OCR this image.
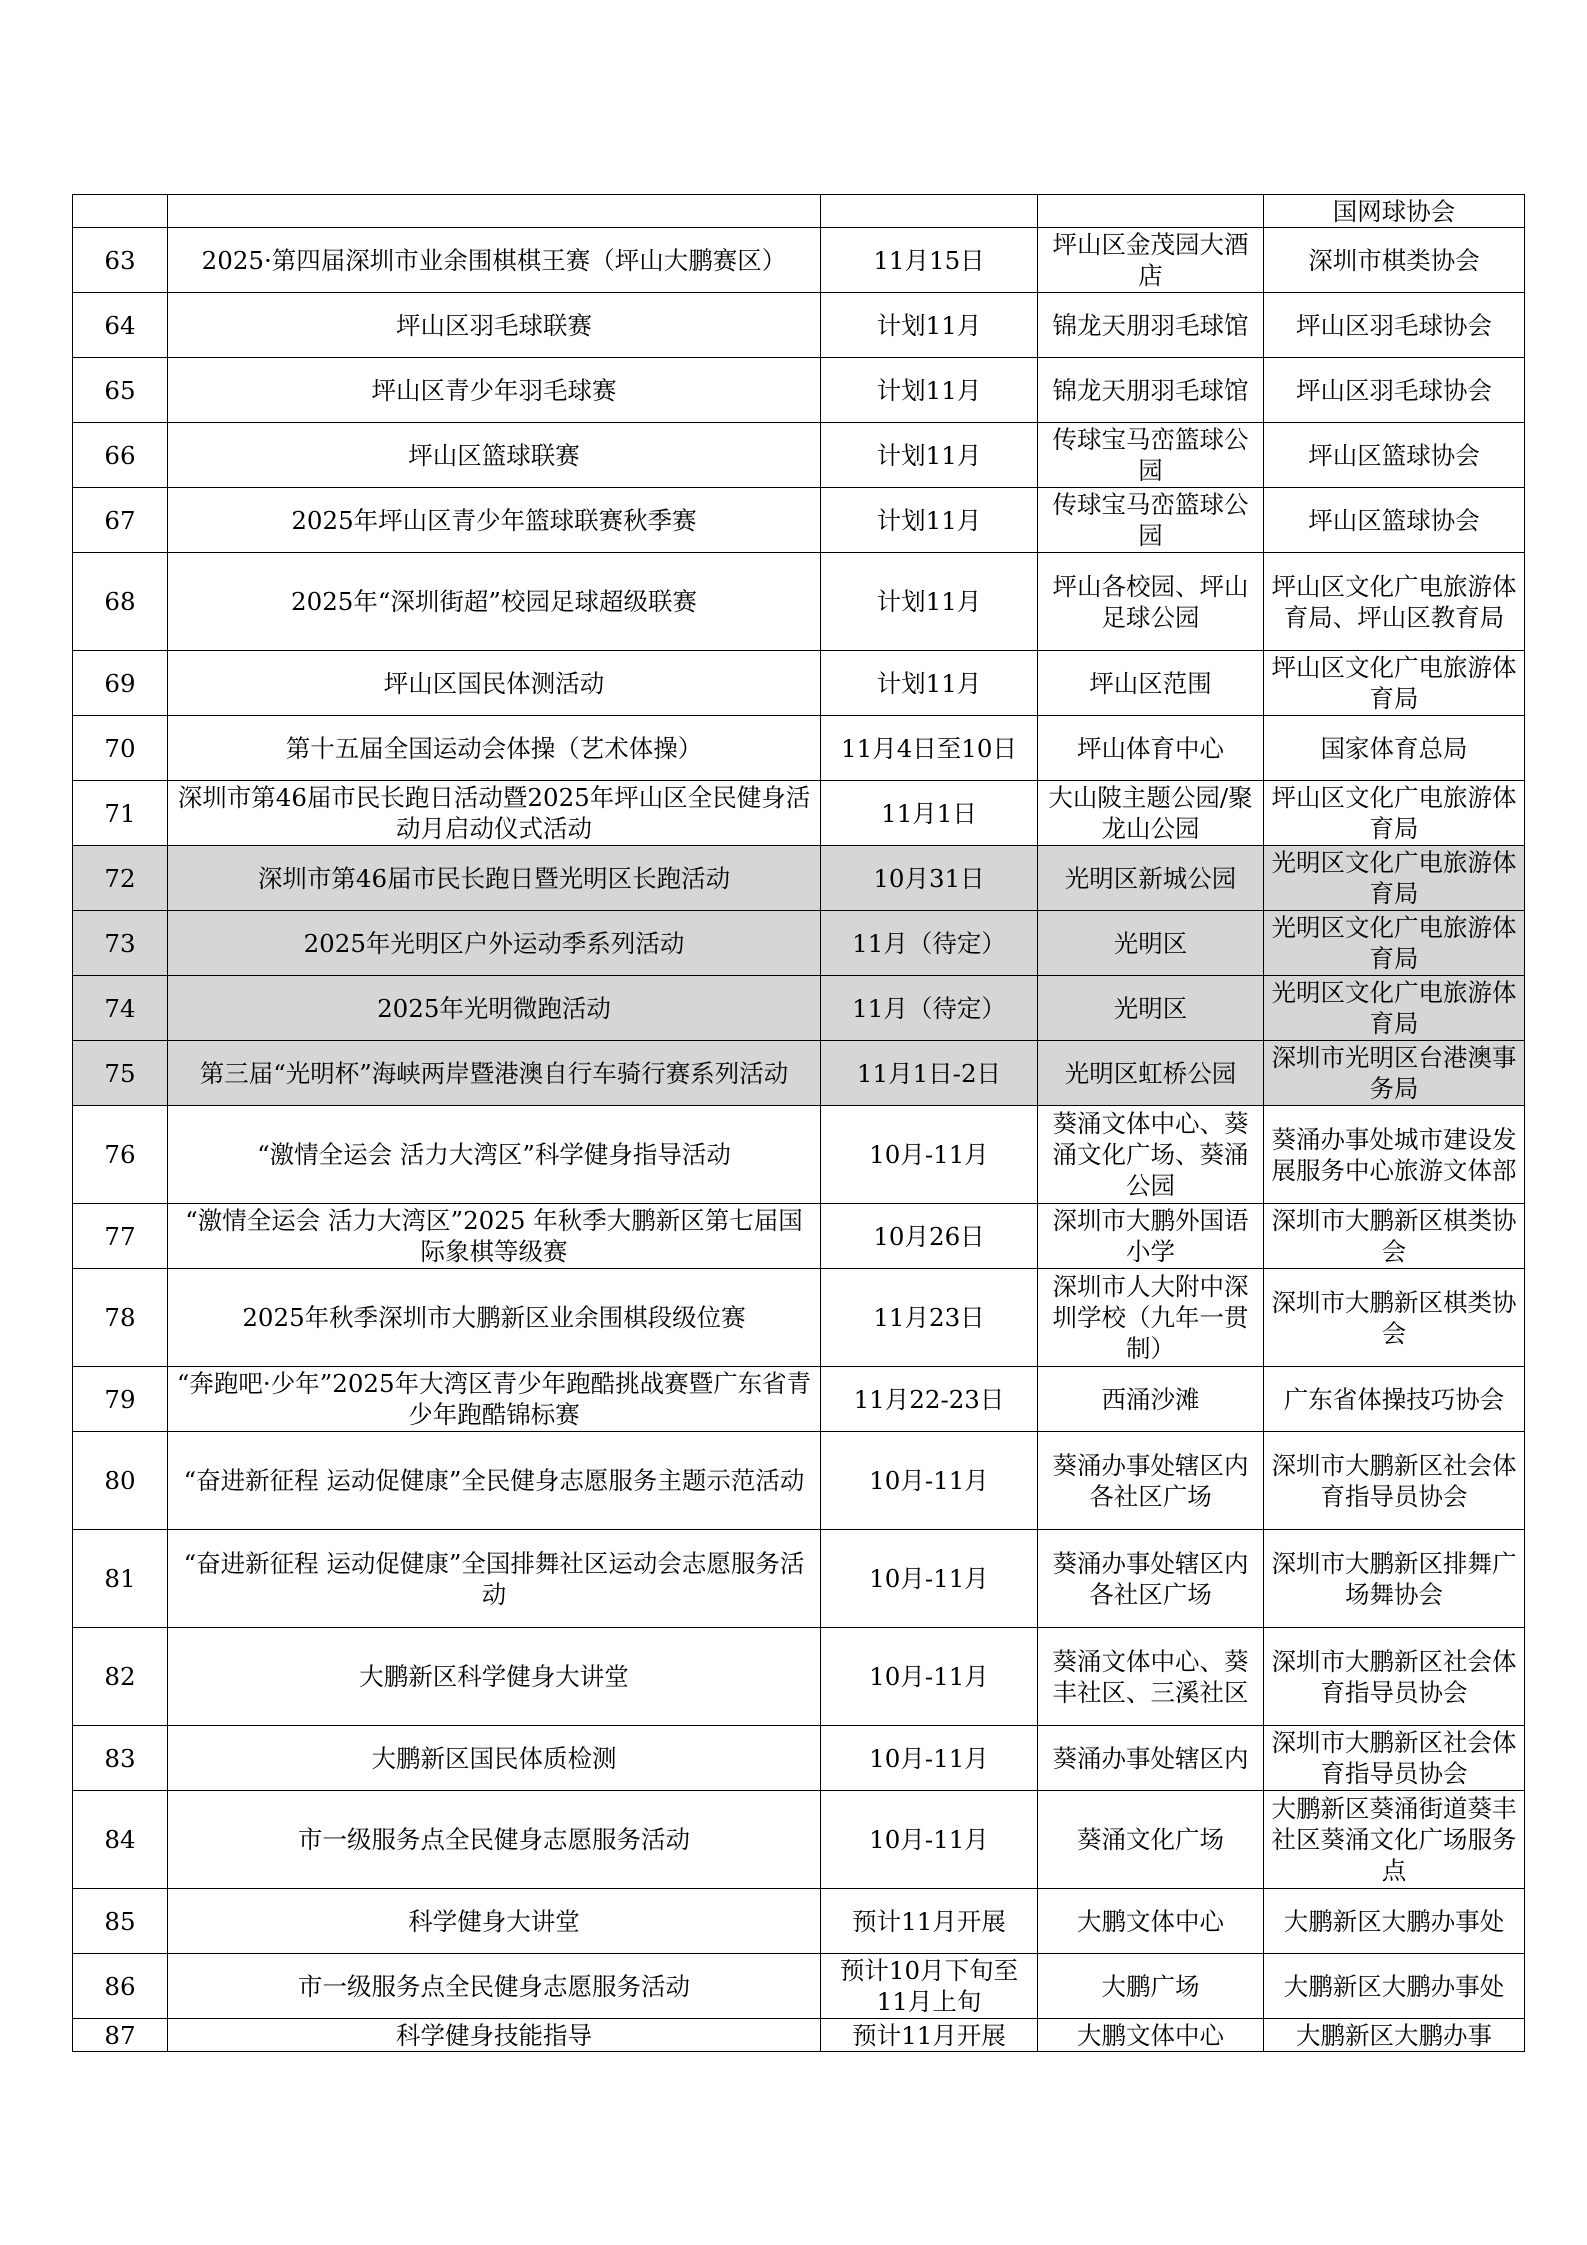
				国网球协会
63	2025·第四届深圳市业余围棋棋王赛（坪山大鹏赛区）	11月15日	坪山区金茂园大酒店	深圳市棋类协会
64	坪山区羽毛球联赛	计划11月	锦龙天朋羽毛球馆	坪山区羽毛球协会
65	坪山区青少年羽毛球赛	计划11月	锦龙天朋羽毛球馆	坪山区羽毛球协会
66	坪山区篮球联赛	计划11月	传球宝马峦篮球公园	坪山区篮球协会
67	2025年坪山区青少年篮球联赛秋季赛	计划11月	传球宝马峦篮球公园	坪山区篮球协会
68	2025年“深圳街超”校园足球超级联赛	计划11月	坪山各校园、坪山足球公园	坪山区文化广电旅游体育局、坪山区教育局
69	坪山区国民体测活动	计划11月	坪山区范围	坪山区文化广电旅游体育局
70	第十五届全国运动会体操（艺术体操）	11月4日至10日	坪山体育中心	国家体育总局
71	深圳市第46届市民长跑日活动暨2025年坪山区全民健身活动月启动仪式活动	11月1日	大山陂主题公园/聚龙山公园	坪山区文化广电旅游体育局
72	深圳市第46届市民长跑日暨光明区长跑活动	10月31日	光明区新城公园	光明区文化广电旅游体育局
73	2025年光明区户外运动季系列活动	11月（待定）	光明区	光明区文化广电旅游体育局
74	2025年光明微跑活动	11月（待定）	光明区	光明区文化广电旅游体育局
75	第三届“光明杯”海峡两岸暨港澳自行车骑行赛系列活动	11月1日-2日	光明区虹桥公园	深圳市光明区台港澳事务局
76	“激情全运会 活力大湾区”科学健身指导活动	10月-11月	葵涌文体中心、葵涌文化广场、葵涌公园	葵涌办事处城市建设发展服务中心旅游文体部
77	“激情全运会 活力大湾区”2025 年秋季大鹏新区第七届国际象棋等级赛	10月26日	深圳市大鹏外国语小学	深圳市大鹏新区棋类协会
78	2025年秋季深圳市大鹏新区业余围棋段级位赛	11月23日	深圳市人大附中深圳学校（九年一贯制）	深圳市大鹏新区棋类协会
79	“奔跑吧·少年”2025年大湾区青少年跑酷挑战赛暨广东省青少年跑酷锦标赛	11月22-23日	西涌沙滩	广东省体操技巧协会
80	“奋进新征程 运动促健康”全民健身志愿服务主题示范活动	10月-11月	葵涌办事处辖区内各社区广场	深圳市大鹏新区社会体育指导员协会
81	“奋进新征程 运动促健康”全国排舞社区运动会志愿服务活动	10月-11月	葵涌办事处辖区内各社区广场	深圳市大鹏新区排舞广场舞协会
82	大鹏新区科学健身大讲堂	10月-11月	葵涌文体中心、葵丰社区、三溪社区	深圳市大鹏新区社会体育指导员协会
83	大鹏新区国民体质检测	10月-11月	葵涌办事处辖区内	深圳市大鹏新区社会体育指导员协会
84	市一级服务点全民健身志愿服务活动	10月-11月	葵涌文化广场	大鹏新区葵涌街道葵丰社区葵涌文化广场服务点
85	科学健身大讲堂	预计11月开展	大鹏文体中心	大鹏新区大鹏办事处
86	市一级服务点全民健身志愿服务活动	预计10月下旬至11月上旬	大鹏广场	大鹏新区大鹏办事处
87	科学健身技能指导	预计11月开展	大鹏文体中心	大鹏新区大鹏办事
